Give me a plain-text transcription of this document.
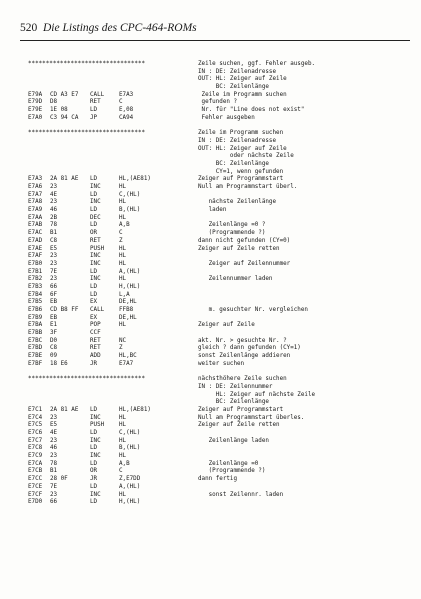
520 Die Listings des CPC-464-ROMs
*********************************	Zeile suchen, ggf. Fehler ausgeb.
IN : DE: Zeilenadresse
OUT: HL: Zeiger auf Zeile
BC: Zeilenlänge
E79A CD A3 E7 CALL	E7A3	Zeile im Programm suchen
E79D D8	RET	C	gefunden ?
E79E 1E 08	LD	E,08	Nr. für "Line does not exist"
E7A0 C3 94 CA JP	CA94	Fehler ausgeben
*********************************	Zeile im Programm suchen
IN : DE: Zeilenadresse
OUT: HL: Zeiger auf Zeile
oder nächste Zeile
BC: Zeilenlänge
CY=1, wenn gefunden
E7A3 2A 81 AE LD	HL,(AE81)	Zeiger auf Programmstart
E7A6 23	INC	HL	Null am Programmstart überl.
E7A7 4E	LD	C,(HL)
E7A8 23	INC	HL	nächste Zeilenlänge
E7A9 46	LD	B,(HL)	laden
E7AA 2B	DEC	HL
E7AB 78	LD	A,B	Zeilenlänge =0 ?
E7AC B1	OR	C	(Programmende ?)
E7AD C8	RET	Z	dann nicht gefunden (CY=0)
E7AE E5	PUSH	HL	Zeiger auf Zeile retten
E7AF 23	INC	HL
E7B0 23	INC	HL	Zeiger auf Zeilennummer
E7B1 7E	LD	A,(HL)
E7B2 23	INC	HL	Zeilennummer laden
E7B3 66	LD	H,(HL)
E7B4 6F	LD	L,A
E7B5 EB	EX	DE,HL
E7B6 CD B8 FF CALL	FFB8	m. gesuchter Nr. vergleichen
E7B9 EB	EX	DE,HL
E7BA E1	POP	HL	Zeiger auf Zeile
E7BB 3F	CCF
E7BC D0	RET	NC	akt. Nr. > gesuchte Nr. ?
E7BD C8	RET	Z	gleich ? dann gefunden (CY=1)
E7BE 09	ADD	HL,BC	sonst Zeilenlänge addieren
E7BF 18 E6	JR	E7A7	weiter suchen
*********************************	nächsthöhere Zeile suchen
IN : DE: Zeilennummer
HL: Zeiger auf nächste Zeile
BC: Zeilenlänge
E7C1 2A 81 AE LD	HL,(AE81)	Zeiger auf Programmstart
E7C4 23	INC	HL	Null am Programmstart überles.
E7C5 E5	PUSH	HL	Zeiger auf Zeile retten
E7C6 4E	LD	C,(HL)
E7C7 23	INC	HL	Zeilenlänge laden
E7C8 46	LD	B,(HL)
E7C9 23	INC	HL
E7CA 78	LD	A,B	Zeilenlänge =0
E7CB B1	OR	C	(Programmende ?)
E7CC 28 0F	JR	Z,E7DD	dann fertig
E7CE 7E	LD	A,(HL)
E7CF 23	INC	HL	sonst Zeilennr. laden
E7D0 66	LD	H,(HL)
